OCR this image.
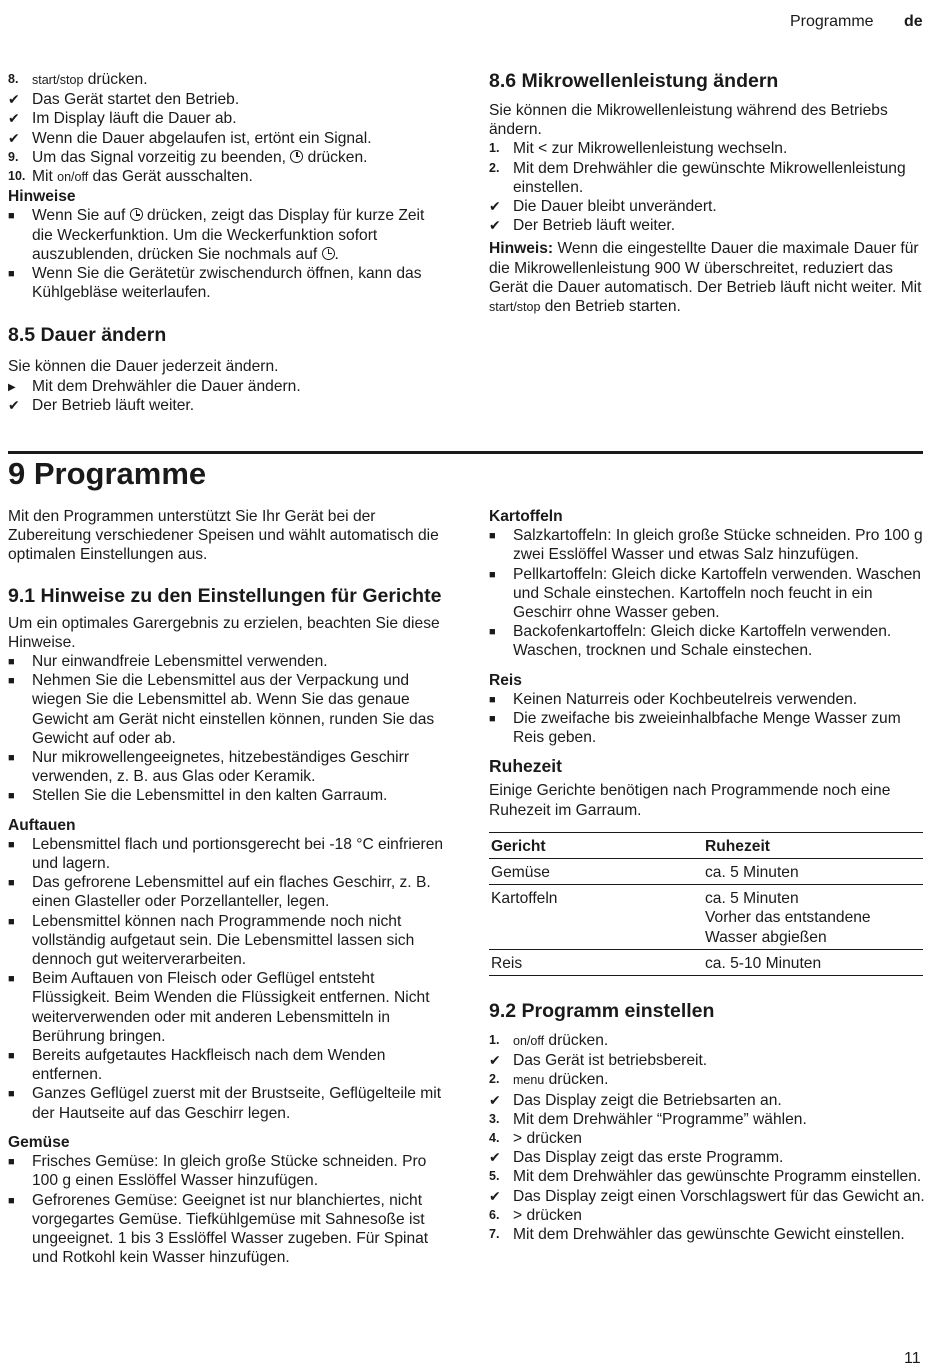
Programme de
8. start/stop drücken.
✔ Das Gerät startet den Betrieb.
✔ Im Display läuft die Dauer ab.
✔ Wenn die Dauer abgelaufen ist, ertönt ein Signal.
9. Um das Signal vorzeitig zu beenden,  drücken.
10. Mit on/off das Gerät ausschalten.
Hinweise
■ Wenn Sie auf  drücken, zeigt das Display für kurze Zeit die Weckerfunktion. Um die Weckerfunktion sofort auszublenden, drücken Sie nochmals auf .
■ Wenn Sie die Gerätetür zwischendurch öffnen, kann das Kühlgebläse weiterlaufen.
8.5 Dauer ändern
Sie können die Dauer jederzeit ändern.
▶ Mit dem Drehwähler die Dauer ändern.
✔ Der Betrieb läuft weiter.
8.6 Mikrowellenleistung ändern
Sie können die Mikrowellenleistung während des Betriebs ändern.
1. Mit < zur Mikrowellenleistung wechseln.
2. Mit dem Drehwähler die gewünschte Mikrowellenleistung einstellen.
✔ Die Dauer bleibt unverändert.
✔ Der Betrieb läuft weiter.
Hinweis: Wenn die eingestellte Dauer die maximale Dauer für die Mikrowellenleistung 900 W überschreitet, reduziert das Gerät die Dauer automatisch. Der Betrieb läuft nicht weiter. Mit start/stop den Betrieb starten.
9 Programme
Mit den Programmen unterstützt Sie Ihr Gerät bei der Zubereitung verschiedener Speisen und wählt automatisch die optimalen Einstellungen aus.
9.1 Hinweise zu den Einstellungen für Gerichte
Um ein optimales Garergebnis zu erzielen, beachten Sie diese Hinweise.
■ Nur einwandfreie Lebensmittel verwenden.
■ Nehmen Sie die Lebensmittel aus der Verpackung und wiegen Sie die Lebensmittel ab. Wenn Sie das genaue Gewicht am Gerät nicht einstellen können, runden Sie das Gewicht auf oder ab.
■ Nur mikrowellengeeignetes, hitzebeständiges Geschirr verwenden, z. B. aus Glas oder Keramik.
■ Stellen Sie die Lebensmittel in den kalten Garraum.
Auftauen
■ Lebensmittel flach und portionsgerecht bei -18 °C einfrieren und lagern.
■ Das gefrorene Lebensmittel auf ein flaches Geschirr, z. B. einen Glasteller oder Porzellanteller, legen.
■ Lebensmittel können nach Programmende noch nicht vollständig aufgetaut sein. Die Lebensmittel lassen sich dennoch gut weiterverarbeiten.
■ Beim Auftauen von Fleisch oder Geflügel entsteht Flüssigkeit. Beim Wenden die Flüssigkeit entfernen. Nicht weiterverwenden oder mit anderen Lebensmitteln in Berührung bringen.
■ Bereits aufgetautes Hackfleisch nach dem Wenden entfernen.
■ Ganzes Geflügel zuerst mit der Brustseite, Geflügelteile mit der Hautseite auf das Geschirr legen.
Gemüse
■ Frisches Gemüse: In gleich große Stücke schneiden. Pro 100 g einen Esslöffel Wasser hinzufügen.
■ Gefrorenes Gemüse: Geeignet ist nur blanchiertes, nicht vorgegartes Gemüse. Tiefkühlgemüse mit Sahnesoße ist ungeeignet. 1 bis 3 Esslöffel Wasser zugeben. Für Spinat und Rotkohl kein Wasser hinzufügen.
Kartoffeln
■ Salzkartoffeln: In gleich große Stücke schneiden. Pro 100 g zwei Esslöffel Wasser und etwas Salz hinzufügen.
■ Pellkartoffeln: Gleich dicke Kartoffeln verwenden. Waschen und Schale einstechen. Kartoffeln noch feucht in ein Geschirr ohne Wasser geben.
■ Backofenkartoffeln: Gleich dicke Kartoffeln verwenden. Waschen, trocknen und Schale einstechen.
Reis
■ Keinen Naturreis oder Kochbeutelreis verwenden.
■ Die zweifache bis zweieinhalbfache Menge Wasser zum Reis geben.
Ruhezeit
Einige Gerichte benötigen nach Programmende noch eine Ruhezeit im Garraum.
Gericht	Ruhezeit
Gemüse	ca. 5 Minuten
Kartoffeln	ca. 5 Minuten
Vorher das entstandene Wasser abgießen
Reis	ca. 5-10 Minuten
9.2 Programm einstellen
1. on/off drücken.
✔ Das Gerät ist betriebsbereit.
2. menu drücken.
✔ Das Display zeigt die Betriebsarten an.
3. Mit dem Drehwähler “Programme” wählen.
4. > drücken
✔ Das Display zeigt das erste Programm.
5. Mit dem Drehwähler das gewünschte Programm einstellen.
✔ Das Display zeigt einen Vorschlagswert für das Gewicht an.
6. > drücken
7. Mit dem Drehwähler das gewünschte Gewicht einstellen.
11
